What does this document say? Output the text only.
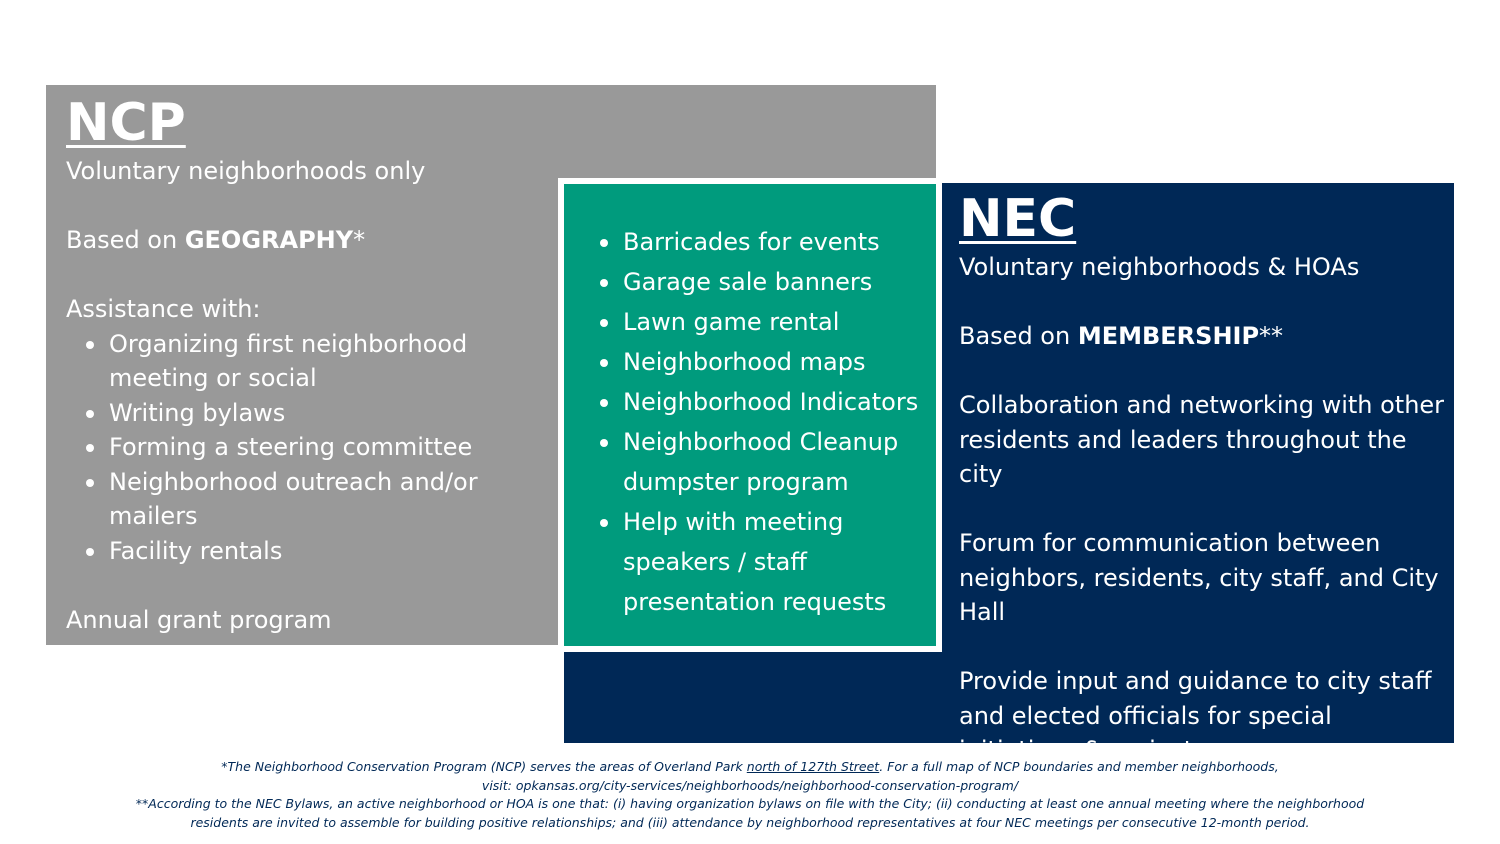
NCP

Voluntary neighborhoods only

Based on GEOGRAPHY*

Assistance with:

Organizing first neighborhood meeting or social
Writing bylaws
Forming a steering committee
Neighborhood outreach and/or mailers
Facility rentals

Annual grant program

Barricades for events
Garage sale banners
Lawn game rental
Neighborhood maps
Neighborhood Indicators
Neighborhood Cleanup dumpster program
Help with meeting speakers / staff presentation requests

NEC

Voluntary neighborhoods & HOAs

Based on MEMBERSHIP**

Collaboration and networking with other residents and leaders throughout the city

Forum for communication between neighbors, residents, city staff, and City Hall

Provide input and guidance to city staff and elected officials for special initiatives & projects

*The Neighborhood Conservation Program (NCP) serves the areas of Overland Park north of 127th Street. For a full map of NCP boundaries and member neighborhoods,
visit: opkansas.org/city-services/neighborhoods/neighborhood-conservation-program/
**According to the NEC Bylaws, an active neighborhood or HOA is one that: (i) having organization bylaws on file with the City; (ii) conducting at least one annual meeting where the neighborhood
residents are invited to assemble for building positive relationships; and (iii) attendance by neighborhood representatives at four NEC meetings per consecutive 12-month period.
